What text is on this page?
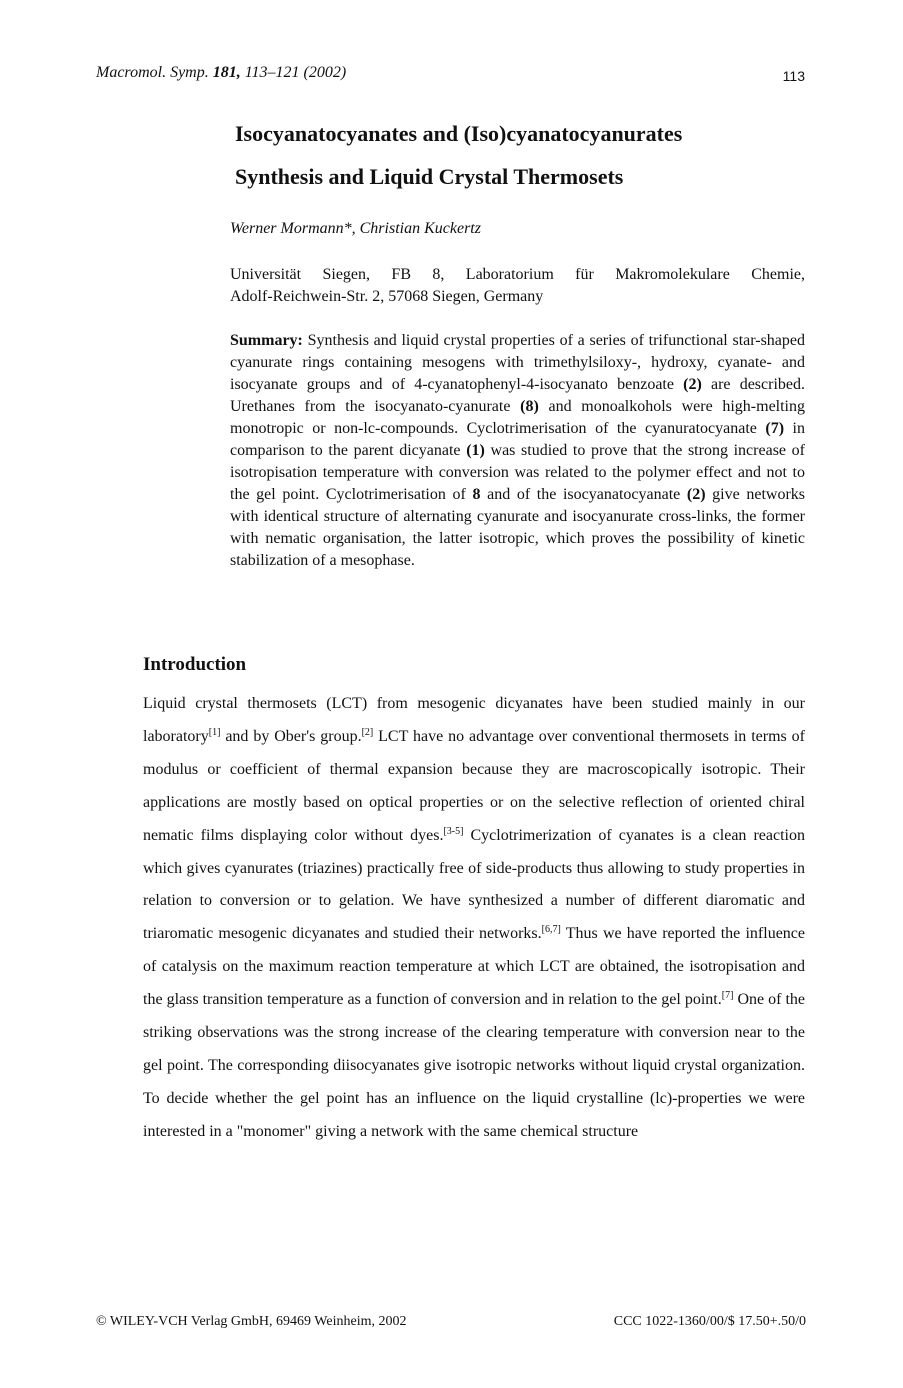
Macromol. Symp. 181, 113–121 (2002)	113
Isocyanatocyanates and (Iso)cyanatocyanurates
Synthesis and Liquid Crystal Thermosets
Werner Mormann*, Christian Kuckertz
Universität Siegen, FB 8, Laboratorium für Makromolekulare Chemie,
Adolf-Reichwein-Str. 2, 57068 Siegen, Germany

Summary: Synthesis and liquid crystal properties of a series of trifunctional star-shaped cyanurate rings containing mesogens with trimethylsiloxy-, hydroxy, cyanate- and isocyanate groups and of 4-cyanatophenyl-4-isocyanato benzoate (2) are described. Urethanes from the isocyanato-cyanurate (8) and monoalkohols were high-melting monotropic or non-lc-compounds. Cyclotrimerisation of the cyanuratocyanate (7) in comparison to the parent dicyanate (1) was studied to prove that the strong increase of isotropisation temperature with conversion was related to the polymer effect and not to the gel point. Cyclotrimerisation of 8 and of the isocyanatocyanate (2) give networks with identical structure of alternating cyanurate and isocyanurate cross-links, the former with nematic organisation, the latter isotropic, which proves the possibility of kinetic stabilization of a mesophase.

Introduction

Liquid crystal thermosets (LCT) from mesogenic dicyanates have been studied mainly in our laboratory[1] and by Ober's group.[2] LCT have no advantage over conventional thermosets in terms of modulus or coefficient of thermal expansion because they are macroscopically isotropic. Their applications are mostly based on optical properties or on the selective reflection of oriented chiral nematic films displaying color without dyes.[3-5] Cyclotrimerization of cyanates is a clean reaction which gives cyanurates (triazines) practically free of side-products thus allowing to study properties in relation to conversion or to gelation. We have synthesized a number of different diaromatic and triaromatic mesogenic dicyanates and studied their networks.[6,7] Thus we have reported the influence of catalysis on the maximum reaction temperature at which LCT are obtained, the isotropisation and the glass transition temperature as a function of conversion and in relation to the gel point.[7] One of the striking observations was the strong increase of the clearing temperature with conversion near to the gel point. The corresponding diisocyanates give isotropic networks without liquid crystal organization. To decide whether the gel point has an influence on the liquid crystalline (lc)-properties we were interested in a "monomer" giving a network with the same chemical structure

© WILEY-VCH Verlag GmbH, 69469 Weinheim, 2002	CCC 1022-1360/00/$ 17.50+.50/0
